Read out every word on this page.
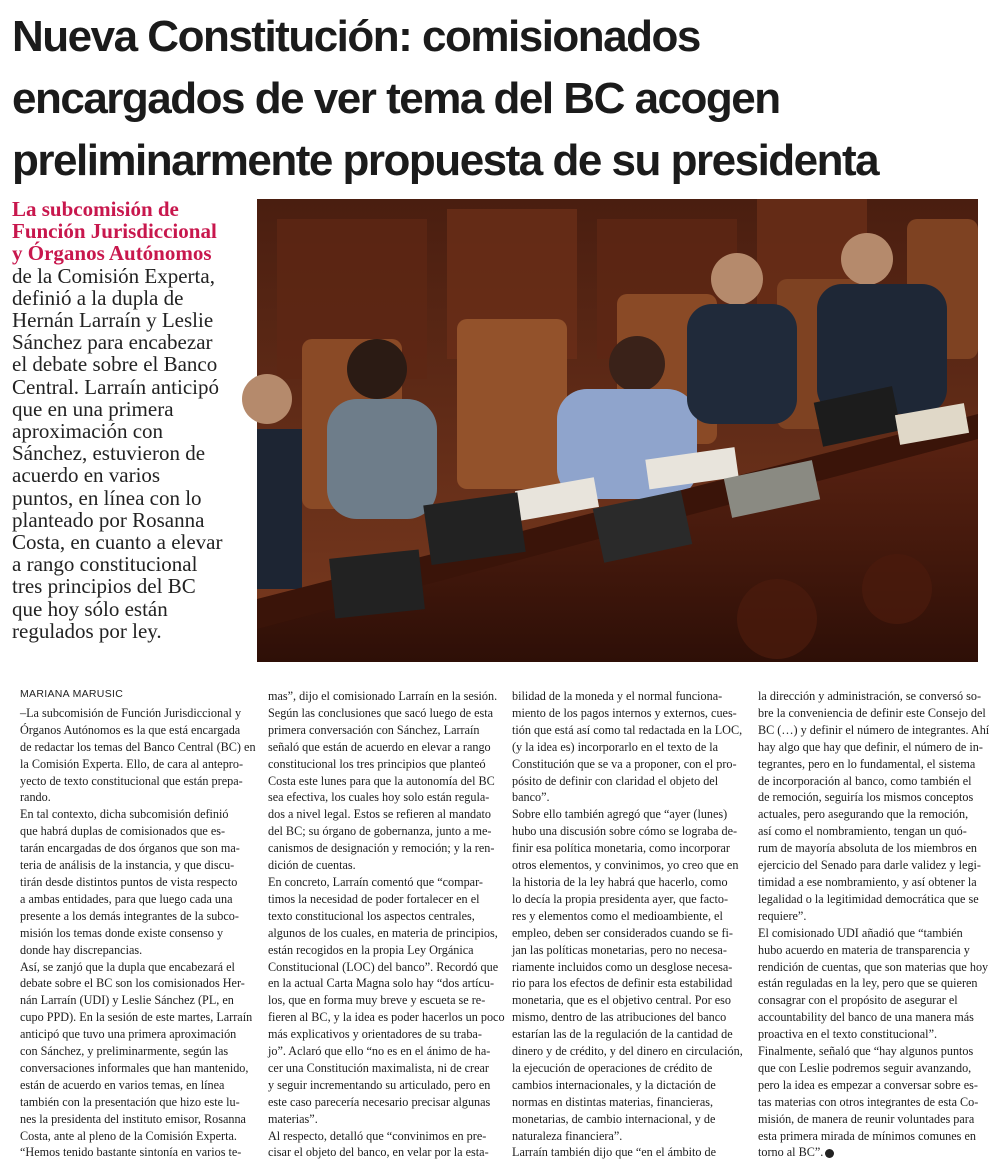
Nueva Constitución: comisionados
encargados de ver tema del BC acogen
preliminarmente propuesta de su presidenta
La subcomisión de
Función Jurisdiccional
y Órganos Autónomos
de la Comisión Experta,
definió a la dupla de
Hernán Larraín y Leslie
Sánchez para encabezar
el debate sobre el Banco
Central. Larraín anticipó
que en una primera
aproximación con
Sánchez, estuvieron de
acuerdo en varios
puntos, en línea con lo
planteado por Rosanna
Costa, en cuanto a elevar
a rango constitucional
tres principios del BC
que hoy sólo están
regulados por ley.
MARIANA MARUSIC

–La subcomisión de Función Jurisdiccional y
Órganos Autónomos es la que está encargada
de redactar los temas del Banco Central (BC) en
la Comisión Experta. Ello, de cara al antepro-
yecto de texto constitucional que están prepa-
rando.
En tal contexto, dicha subcomisión definió
que habrá duplas de comisionados que es-
tarán encargadas de dos órganos que son ma-
teria de análisis de la instancia, y que discu-
tirán desde distintos puntos de vista respecto
a ambas entidades, para que luego cada una
presente a los demás integrantes de la subco-
misión los temas donde existe consenso y
donde hay discrepancias.
Así, se zanjó que la dupla que encabezará el
debate sobre el BC son los comisionados Her-
nán Larraín (UDI) y Leslie Sánchez (PL, en
cupo PPD). En la sesión de este martes, Larraín
anticipó que tuvo una primera aproximación
con Sánchez, y preliminarmente, según las
conversaciones informales que han mantenido,
están de acuerdo en varios temas, en línea
también con la presentación que hizo este lu-
nes la presidenta del instituto emisor, Rosanna
Costa, ante al pleno de la Comisión Experta.
“Hemos tenido bastante sintonía en varios te-
mas”, dijo el comisionado Larraín en la sesión.
Según las conclusiones que sacó luego de esta
primera conversación con Sánchez, Larraín
señaló que están de acuerdo en elevar a rango
constitucional los tres principios que planteó
Costa este lunes para que la autonomía del BC
sea efectiva, los cuales hoy solo están regula-
dos a nivel legal. Estos se refieren al mandato
del BC; su órgano de gobernanza, junto a me-
canismos de designación y remoción; y la ren-
dición de cuentas.
En concreto, Larraín comentó que “compar-
timos la necesidad de poder fortalecer en el
texto constitucional los aspectos centrales,
algunos de los cuales, en materia de principios,
están recogidos en la propia Ley Orgánica
Constitucional (LOC) del banco”. Recordó que
en la actual Carta Magna solo hay “dos artícu-
los, que en forma muy breve y escueta se re-
fieren al BC, y la idea es poder hacerlos un poco
más explicativos y orientadores de su traba-
jo”. Aclaró que ello “no es en el ánimo de ha-
cer una Constitución maximalista, ni de crear
y seguir incrementando su articulado, pero en
este caso parecería necesario precisar algunas
materias”.
Al respecto, detalló que “convinimos en pre-
cisar el objeto del banco, en velar por la esta-
bilidad de la moneda y el normal funciona-
miento de los pagos internos y externos, cues-
tión que está así como tal redactada en la LOC,
(y la idea es) incorporarlo en el texto de la
Constitución que se va a proponer, con el pro-
pósito de definir con claridad el objeto del
banco”.
Sobre ello también agregó que “ayer (lunes)
hubo una discusión sobre cómo se lograba de-
finir esa política monetaria, como incorporar
otros elementos, y convinimos, yo creo que en
la historia de la ley habrá que hacerlo, como
lo decía la propia presidenta ayer, que facto-
res y elementos como el medioambiente, el
empleo, deben ser considerados cuando se fi-
jan las políticas monetarias, pero no necesa-
riamente incluidos como un desglose necesa-
rio para los efectos de definir esta estabilidad
monetaria, que es el objetivo central. Por eso
mismo, dentro de las atribuciones del banco
estarían las de la regulación de la cantidad de
dinero y de crédito, y del dinero en circulación,
la ejecución de operaciones de crédito de
cambios internacionales, y la dictación de
normas en distintas materias, financieras,
monetarias, de cambio internacional, y de
naturaleza financiera”.
Larraín también dijo que “en el ámbito de
la dirección y administración, se conversó so-
bre la conveniencia de definir este Consejo del
BC (…) y definir el número de integrantes. Ahí
hay algo que hay que definir, el número de in-
tegrantes, pero en lo fundamental, el sistema
de incorporación al banco, como también el
de remoción, seguiría los mismos conceptos
actuales, pero asegurando que la remoción,
así como el nombramiento, tengan un quó-
rum de mayoría absoluta de los miembros en
ejercicio del Senado para darle validez y legi-
timidad a ese nombramiento, y así obtener la
legalidad o la legitimidad democrática que se
requiere”.
El comisionado UDI añadió que “también
hubo acuerdo en materia de transparencia y
rendición de cuentas, que son materias que hoy
están reguladas en la ley, pero que se quieren
consagrar con el propósito de asegurar el
accountability del banco de una manera más
proactiva en el texto constitucional”.
Finalmente, señaló que “hay algunos puntos
que con Leslie podremos seguir avanzando,
pero la idea es empezar a conversar sobre es-
tas materias con otros integrantes de esta Co-
misión, de manera de reunir voluntades para
esta primera mirada de mínimos comunes en
torno al BC”.
